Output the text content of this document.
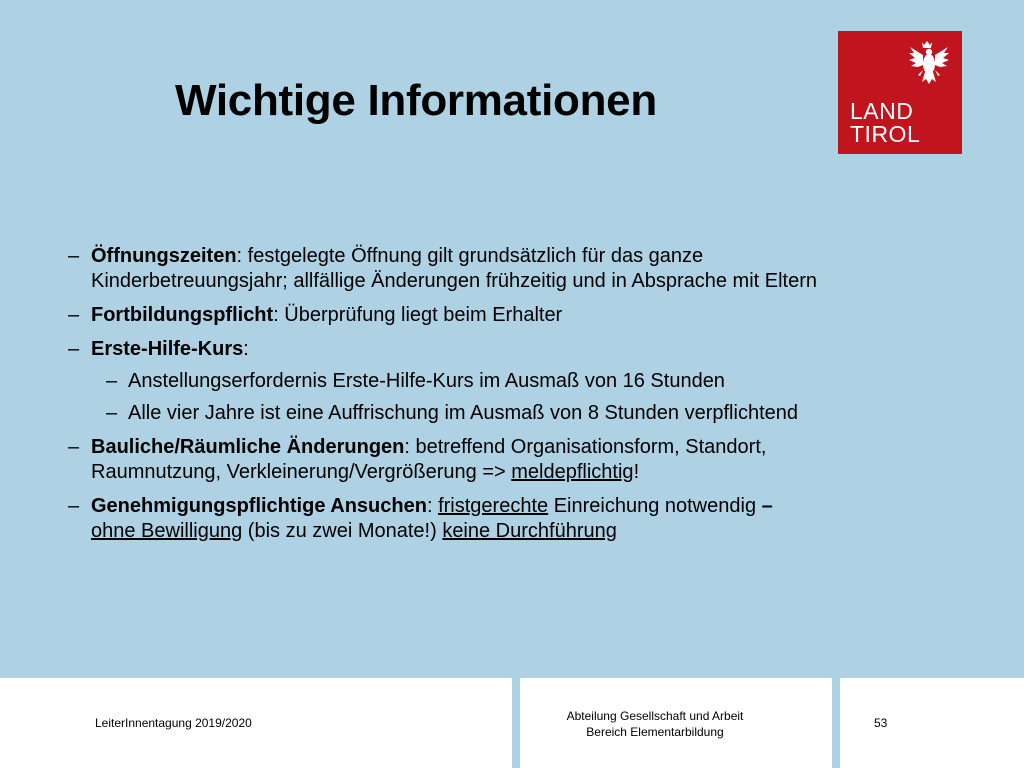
Wichtige Informationen	LAND
TIROL
– Öffnungszeiten: festgelegte Öffnung gilt grundsätzlich für das ganze Kinderbetreuungsjahr; allfällige Änderungen frühzeitig und in Absprache mit Eltern
– Fortbildungspflicht: Überprüfung liegt beim Erhalter
– Erste-Hilfe-Kurs:
– Anstellungserfordernis Erste-Hilfe-Kurs im Ausmaß von 16 Stunden
– Alle vier Jahre ist eine Auffrischung im Ausmaß von 8 Stunden verpflichtend
– Bauliche/Räumliche Änderungen: betreffend Organisationsform, Standort, Raumnutzung, Verkleinerung/Vergrößerung => meldepflichtig!
– Genehmigungspflichtige Ansuchen: fristgerechte Einreichung notwendig –
ohne Bewilligung (bis zu zwei Monate!) keine Durchführung
LeiterInnentagung 2019/2020	Abteilung Gesellschaft und Arbeit
Bereich Elementarbildung
53
